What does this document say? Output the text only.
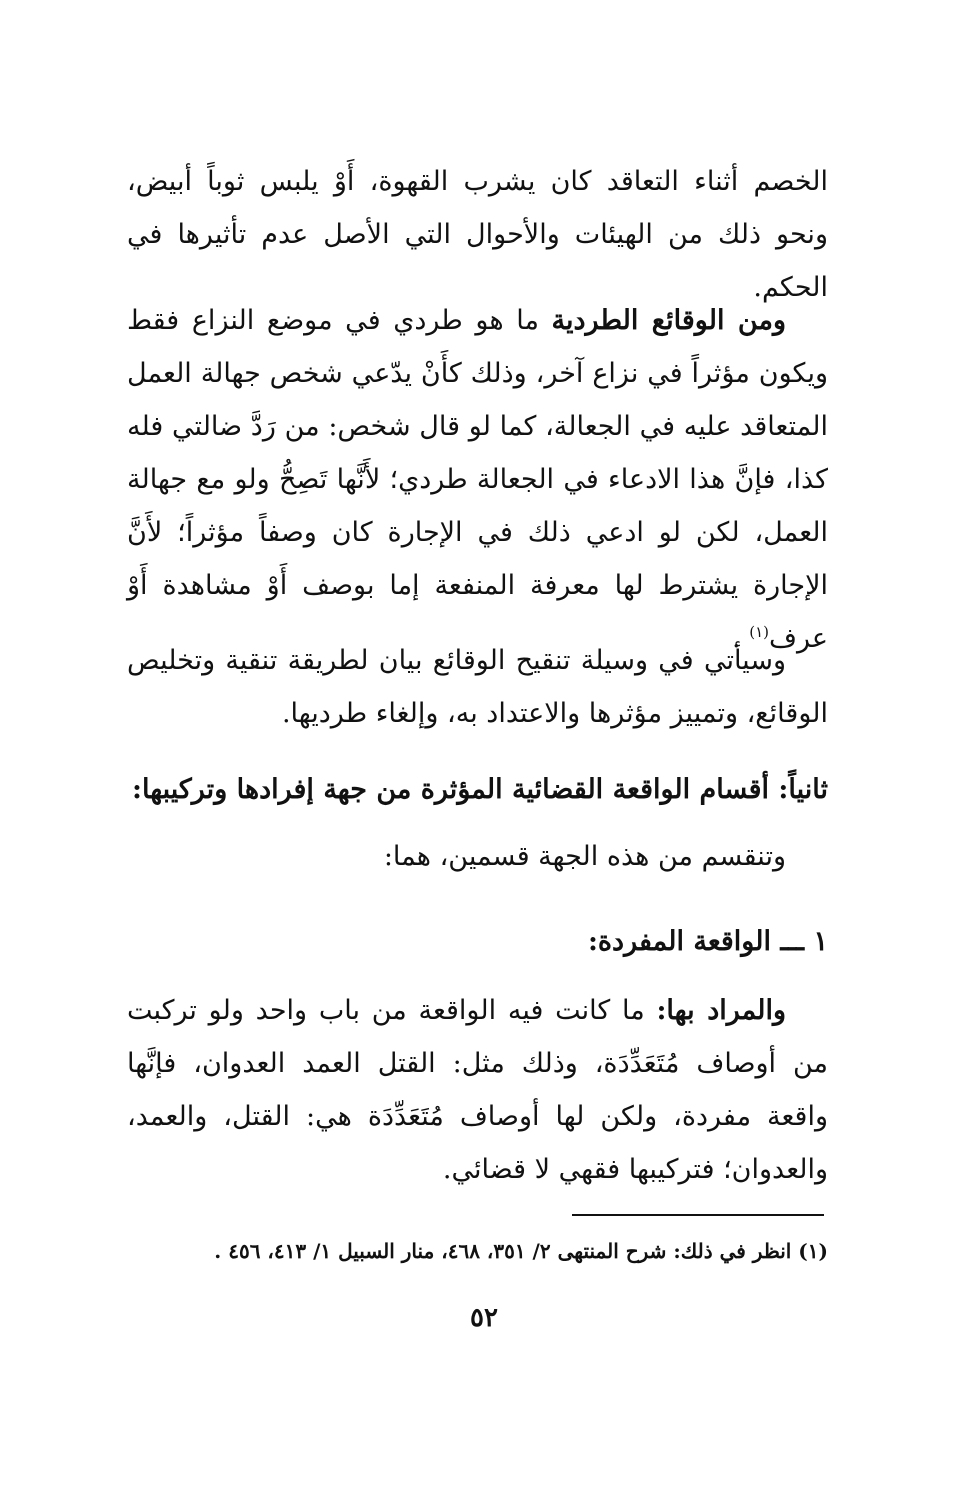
الخصم أثناء التعاقد كان يشرب القهوة، أَوْ يلبس ثوباً أبيض، ونحو ذلك من الهيئات والأحوال التي الأصل عدم تأثيرها في الحكم.

ومن الوقائع الطردية ما هو طردي في موضع النزاع فقط ويكون مؤثراً في نزاع آخر، وذلك كأَنْ يدّعي شخص جهالة العمل المتعاقد عليه في الجعالة، كما لو قال شخص: من رَدَّ ضالتي فله كذا، فإنَّ هذا الادعاء في الجعالة طردي؛ لأَنَّها تَصِحُّ ولو مع جهالة العمل، لكن لو ادعي ذلك في الإجارة كان وصفاً مؤثراً؛ لأَنَّ الإجارة يشترط لها معرفة المنفعة إما بوصف أَوْ مشاهدة أَوْ عرف$^{(١)}$ .

وسيأتي في وسيلة تنقيح الوقائع بيان لطريقة تنقية وتخليص الوقائع، وتمييز مؤثرها والاعتداد به، وإلغاء طرديها.

ثانياً: أقسام الواقعة القضائية المؤثرة من جهة إفرادها وتركيبها:

وتنقسم من هذه الجهة قسمين، هما:

١ ـــ الواقعة المفردة:

والمراد بها: ما كانت فيه الواقعة من باب واحد ولو تركبت من أوصاف مُتَعَدِّدَة، وذلك مثل: القتل العمد العدوان، فإنَّها واقعة مفردة، ولكن لها أوصاف مُتَعَدِّدَة هي: القتل، والعمد، والعدوان؛ فتركيبها فقهي لا قضائي.

(١) انظر في ذلك: شرح المنتهى ٢/ ٣٥١، ٤٦٨، منار السبيل ١/ ٤١٣، ٤٥٦ .
٥٢
